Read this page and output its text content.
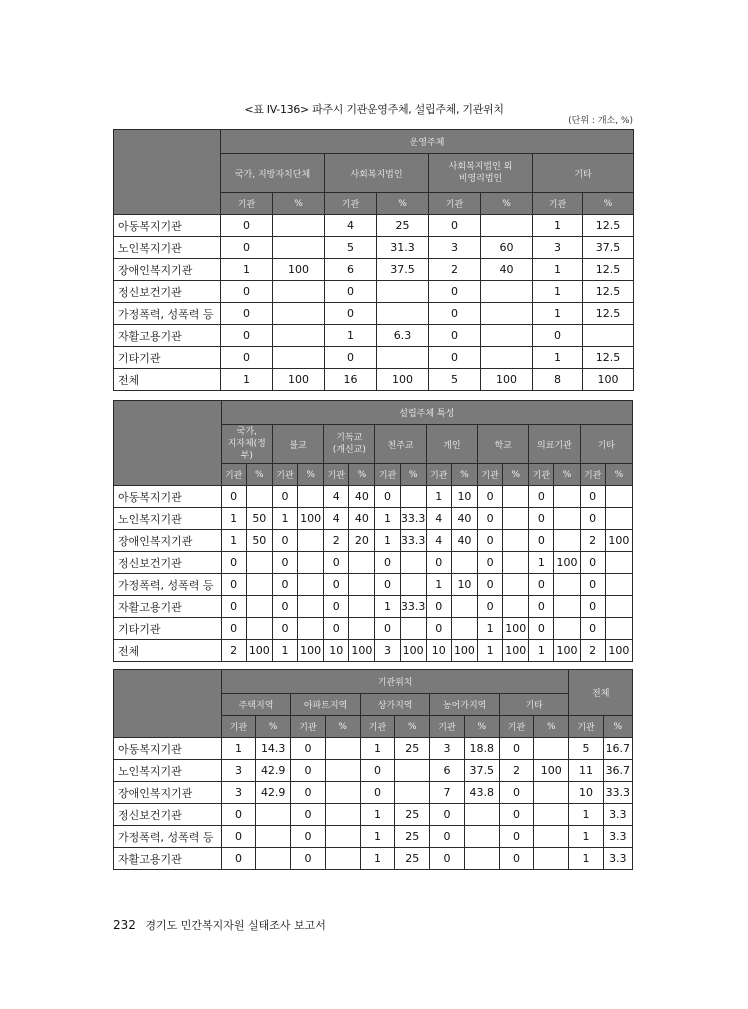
<표 IV-136> 파주시 기관운영주체, 설립주체, 기관위치
(단위 : 개소, %)
	운영주체							
	국가, 지방자치단체		사회복지법인		사회복지법인 외
비영리법인		기타	
	기관	%	기관	%	기관	%	기관	%
아동복지기관	0		4	25	0		1	12.5
노인복지기관	0		5	31.3	3	60	3	37.5
장애인복지기관	1	100	6	37.5	2	40	1	12.5
정신보건기관	0		0		0		1	12.5
가정폭력, 성폭력 등	0		0		0		1	12.5
자활고용기관	0		1	6.3	0		0	
기타기관	0		0		0		1	12.5
전체	1	100	16	100	5	100	8	100
	설립주체 특성															
	국가,
지자체(정부)		불교		기독교
(개신교)		천주교		개인		학교		의료기관		기타	
	기관	%	기관	%	기관	%	기관	%	기관	%	기관	%	기관	%	기관	%
아동복지기관	0		0		4	40	0		1	10	0		0		0	
노인복지기관	1	50	1	100	4	40	1	33.3	4	40	0		0		0	
장애인복지기관	1	50	0		2	20	1	33.3	4	40	0		0		2	100
정신보건기관	0		0		0		0		0		0		1	100	0	
가정폭력, 성폭력 등	0		0		0		0		1	10	0		0		0	
자활고용기관	0		0		0		1	33.3	0		0		0		0	
기타기관	0		0		0		0		0		1	100	0		0	
전체	2	100	1	100	10	100	3	100	10	100	1	100	1	100	2	100
	기관위치										전체	
	주택지역		아파트지역		상가지역		농어가지역		기타			
	기관	%	기관	%	기관	%	기관	%	기관	%	기관	%
아동복지기관	1	14.3	0		1	25	3	18.8	0		5	16.7
노인복지기관	3	42.9	0		0		6	37.5	2	100	11	36.7
장애인복지기관	3	42.9	0		0		7	43.8	0		10	33.3
정신보건기관	0		0		1	25	0		0		1	3.3
가정폭력, 성폭력 등	0		0		1	25	0		0		1	3.3
자활고용기관	0		0		1	25	0		0		1	3.3
232 경기도 민간복지자원 실태조사 보고서
